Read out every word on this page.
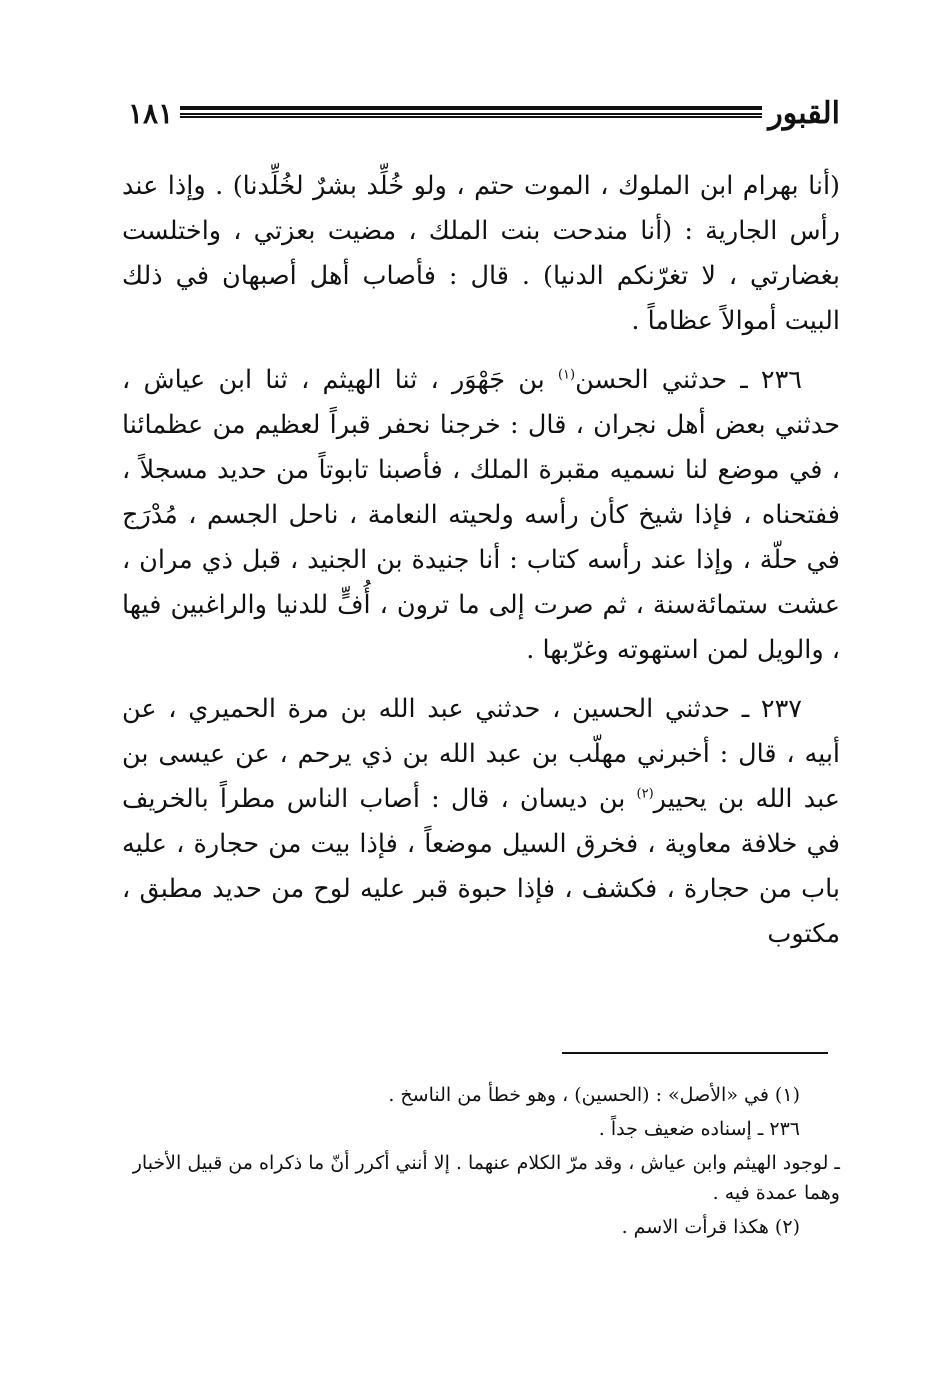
القبور
١٨١

(أنا بهرام ابن الملوك ، الموت حتم ، ولو خُلِّد بشرٌ لخُلِّدنا) . وإذا عند رأس الجارية : (أنا مندحت بنت الملك ، مضيت بعزتي ، واختلست بغضارتي ، لا تغرّنكم الدنيا) . قال : فأصاب أهل أصبهان في ذلك البيت أموالاً عظاماً .

٢٣٦ ـ حدثني الحسن$^{(١)}$ بن جَهْوَر ، ثنا الهيثم ، ثنا ابن عياش ، حدثني بعض أهل نجران ، قال : خرجنا نحفر قبراً لعظيم من عظمائنا ، في موضع لنا نسميه مقبرة الملك ، فأصبنا تابوتاً من حديد مسجلاً ، ففتحناه ، فإذا شيخ كأن رأسه ولحيته النعامة ، ناحل الجسم ، مُدْرَج في حلّة ، وإذا عند رأسه كتاب : أنا جنيدة بن الجنيد ، قبل ذي مران ، عشت ستمائةسنة ، ثم صرت إلى ما ترون ، أُفٍّ للدنيا والراغبين فيها ، والويل لمن استهوته وغرّبها .

٢٣٧ ـ حدثني الحسين ، حدثني عبد الله بن مرة الحميري ، عن أبيه ، قال : أخبرني مهلّب بن عبد الله بن ذي يرحم ، عن عيسى بن عبد الله بن يحيير$^{(٢)}$ بن ديسان ، قال : أصاب الناس مطراً بالخريف في خلافة معاوية ، فخرق السيل موضعاً ، فإذا بيت من حجارة ، عليه باب من حجارة ، فكشف ، فإذا حبوة قبر عليه لوح من حديد مطبق ، مكتوب

(١) في «الأصل» : (الحسين) ، وهو خطأ من الناسخ .

٢٣٦ ـ إسناده ضعيف جداً .

ـ لوجود الهيثم وابن عياش ، وقد مرّ الكلام عنهما . إلا أنني أكرر أنّ ما ذكراه من قبيل الأخبار وهما عمدة فيه .

(٢) هكذا قرأت الاسم .
